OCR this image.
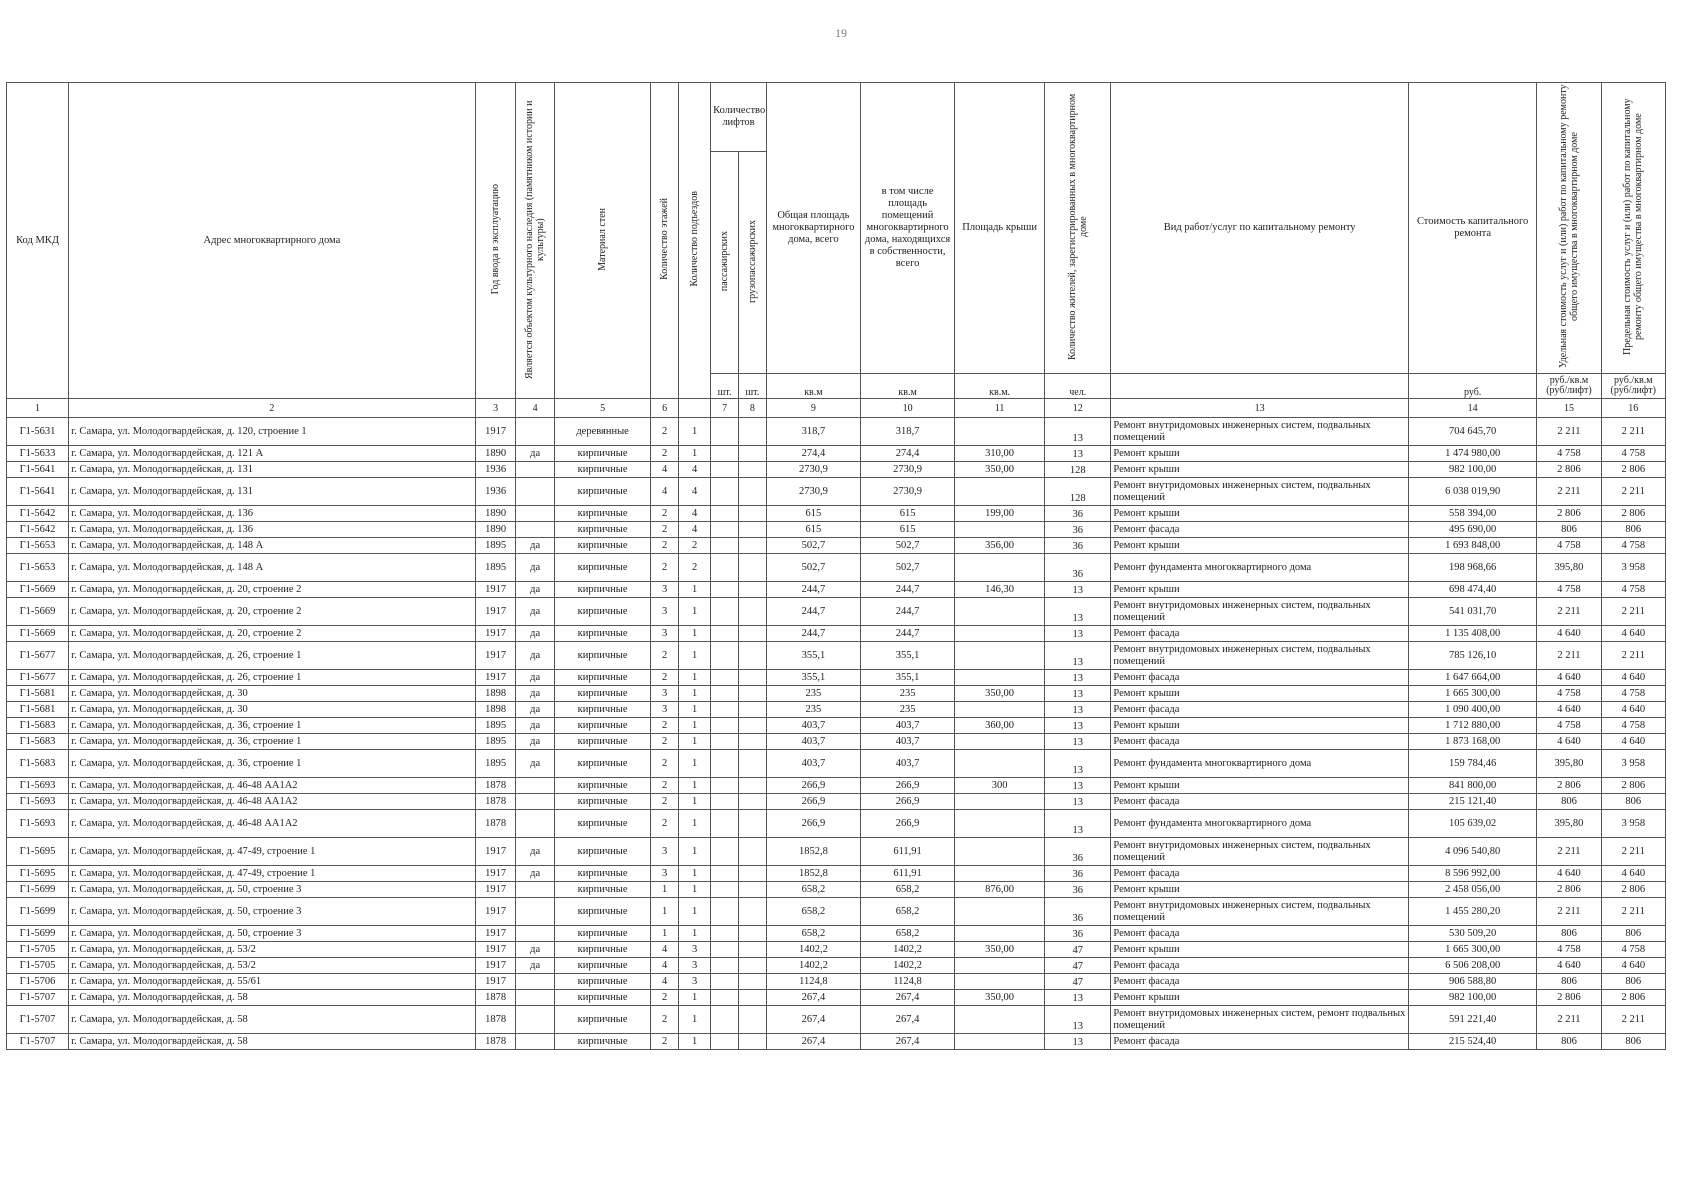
19
Код МКД	Адрес многоквартирного дома	Год ввода в эксплуатацию	Является объектом культурного наследия (памятником истории и культуры)	Материал стен	Количество этажей	Количество подъездов	Количество лифтов		Общая площадь многоквартирного дома, всего	в том числе площадь помещений многоквартирного дома, находящихся в собственности, всего	Площадь крыши	Количество жителей, зарегистрированных в многоквартирном доме	Вид работ/услуг по капитальному ремонту	Стоимость капитального ремонта	Удельная стоимость услуг и (или) работ по капитальному ремонту общего имущества в многоквартирном доме	Предельная стоимость услуг и (или) работ по капитальному ремонту общего имущества в многоквартирном доме
							пассажирских	грузопассажирских								
							шт.	шт.	кв.м	кв.м	кв.м.	чел.		руб.	руб./кв.м (руб/лифт)	руб./кв.м (руб/лифт)
1	2	3	4	5	6		7	8	9	10	11	12	13	14	15	16
Г1-5631	г. Самара, ул. Молодогвардейская, д. 120, строение 1	1917		деревянные	2	1			318,7	318,7		13	Ремонт внутридомовых инженерных систем, подвальных помещений	704 645,70	2 211	2 211
Г1-5633	г. Самара, ул. Молодогвардейская, д. 121 А	1890	да	кирпичные	2	1			274,4	274,4	310,00	13	Ремонт крыши	1 474 980,00	4 758	4 758
Г1-5641	г. Самара, ул. Молодогвардейская, д. 131	1936		кирпичные	4	4			2730,9	2730,9	350,00	128	Ремонт крыши	982 100,00	2 806	2 806
Г1-5641	г. Самара, ул. Молодогвардейская, д. 131	1936		кирпичные	4	4			2730,9	2730,9		128	Ремонт внутридомовых инженерных систем, подвальных помещений	6 038 019,90	2 211	2 211
Г1-5642	г. Самара, ул. Молодогвардейская, д. 136	1890		кирпичные	2	4			615	615	199,00	36	Ремонт крыши	558 394,00	2 806	2 806
Г1-5642	г. Самара, ул. Молодогвардейская, д. 136	1890		кирпичные	2	4			615	615		36	Ремонт фасада	495 690,00	806	806
Г1-5653	г. Самара, ул. Молодогвардейская, д. 148 А	1895	да	кирпичные	2	2			502,7	502,7	356,00	36	Ремонт крыши	1 693 848,00	4 758	4 758
Г1-5653	г. Самара, ул. Молодогвардейская, д. 148 А	1895	да	кирпичные	2	2			502,7	502,7		36	Ремонт фундамента многоквартирного дома	198 968,66	395,80	3 958
Г1-5669	г. Самара, ул. Молодогвардейская, д. 20, строение 2	1917	да	кирпичные	3	1			244,7	244,7	146,30	13	Ремонт крыши	698 474,40	4 758	4 758
Г1-5669	г. Самара, ул. Молодогвардейская, д. 20, строение 2	1917	да	кирпичные	3	1			244,7	244,7		13	Ремонт внутридомовых инженерных систем, подвальных помещений	541 031,70	2 211	2 211
Г1-5669	г. Самара, ул. Молодогвардейская, д. 20, строение 2	1917	да	кирпичные	3	1			244,7	244,7		13	Ремонт фасада	1 135 408,00	4 640	4 640
Г1-5677	г. Самара, ул. Молодогвардейская, д. 26, строение 1	1917	да	кирпичные	2	1			355,1	355,1		13	Ремонт внутридомовых инженерных систем, подвальных помещений	785 126,10	2 211	2 211
Г1-5677	г. Самара, ул. Молодогвардейская, д. 26, строение 1	1917	да	кирпичные	2	1			355,1	355,1		13	Ремонт фасада	1 647 664,00	4 640	4 640
Г1-5681	г. Самара, ул. Молодогвардейская, д. 30	1898	да	кирпичные	3	1			235	235	350,00	13	Ремонт крыши	1 665 300,00	4 758	4 758
Г1-5681	г. Самара, ул. Молодогвардейская, д. 30	1898	да	кирпичные	3	1			235	235		13	Ремонт фасада	1 090 400,00	4 640	4 640
Г1-5683	г. Самара, ул. Молодогвардейская, д. 36, строение 1	1895	да	кирпичные	2	1			403,7	403,7	360,00	13	Ремонт крыши	1 712 880,00	4 758	4 758
Г1-5683	г. Самара, ул. Молодогвардейская, д. 36, строение 1	1895	да	кирпичные	2	1			403,7	403,7		13	Ремонт фасада	1 873 168,00	4 640	4 640
Г1-5683	г. Самара, ул. Молодогвардейская, д. 36, строение 1	1895	да	кирпичные	2	1			403,7	403,7		13	Ремонт фундамента многоквартирного дома	159 784,46	395,80	3 958
Г1-5693	г. Самара, ул. Молодогвардейская, д. 46-48 АА1А2	1878		кирпичные	2	1			266,9	266,9	300	13	Ремонт крыши	841 800,00	2 806	2 806
Г1-5693	г. Самара, ул. Молодогвардейская, д. 46-48 АА1А2	1878		кирпичные	2	1			266,9	266,9		13	Ремонт фасада	215 121,40	806	806
Г1-5693	г. Самара, ул. Молодогвардейская, д. 46-48 АА1А2	1878		кирпичные	2	1			266,9	266,9		13	Ремонт фундамента многоквартирного дома	105 639,02	395,80	3 958
Г1-5695	г. Самара, ул. Молодогвардейская, д. 47-49, строение 1	1917	да	кирпичные	3	1			1852,8	611,91		36	Ремонт внутридомовых инженерных систем, подвальных помещений	4 096 540,80	2 211	2 211
Г1-5695	г. Самара, ул. Молодогвардейская, д. 47-49, строение 1	1917	да	кирпичные	3	1			1852,8	611,91		36	Ремонт фасада	8 596 992,00	4 640	4 640
Г1-5699	г. Самара, ул. Молодогвардейская, д. 50, строение 3	1917		кирпичные	1	1			658,2	658,2	876,00	36	Ремонт крыши	2 458 056,00	2 806	2 806
Г1-5699	г. Самара, ул. Молодогвардейская, д. 50, строение 3	1917		кирпичные	1	1			658,2	658,2		36	Ремонт внутридомовых инженерных систем, подвальных помещений	1 455 280,20	2 211	2 211
Г1-5699	г. Самара, ул. Молодогвардейская, д. 50, строение 3	1917		кирпичные	1	1			658,2	658,2		36	Ремонт фасада	530 509,20	806	806
Г1-5705	г. Самара, ул. Молодогвардейская, д. 53/2	1917	да	кирпичные	4	3			1402,2	1402,2	350,00	47	Ремонт крыши	1 665 300,00	4 758	4 758
Г1-5705	г. Самара, ул. Молодогвардейская, д. 53/2	1917	да	кирпичные	4	3			1402,2	1402,2		47	Ремонт фасада	6 506 208,00	4 640	4 640
Г1-5706	г. Самара, ул. Молодогвардейская, д. 55/61	1917		кирпичные	4	3			1124,8	1124,8		47	Ремонт фасада	906 588,80	806	806
Г1-5707	г. Самара, ул. Молодогвардейская, д. 58	1878		кирпичные	2	1			267,4	267,4	350,00	13	Ремонт крыши	982 100,00	2 806	2 806
Г1-5707	г. Самара, ул. Молодогвардейская, д. 58	1878		кирпичные	2	1			267,4	267,4		13	Ремонт внутридомовых инженерных систем, ремонт подвальных помещений	591 221,40	2 211	2 211
Г1-5707	г. Самара, ул. Молодогвардейская, д. 58	1878		кирпичные	2	1			267,4	267,4		13	Ремонт фасада	215 524,40	806	806
